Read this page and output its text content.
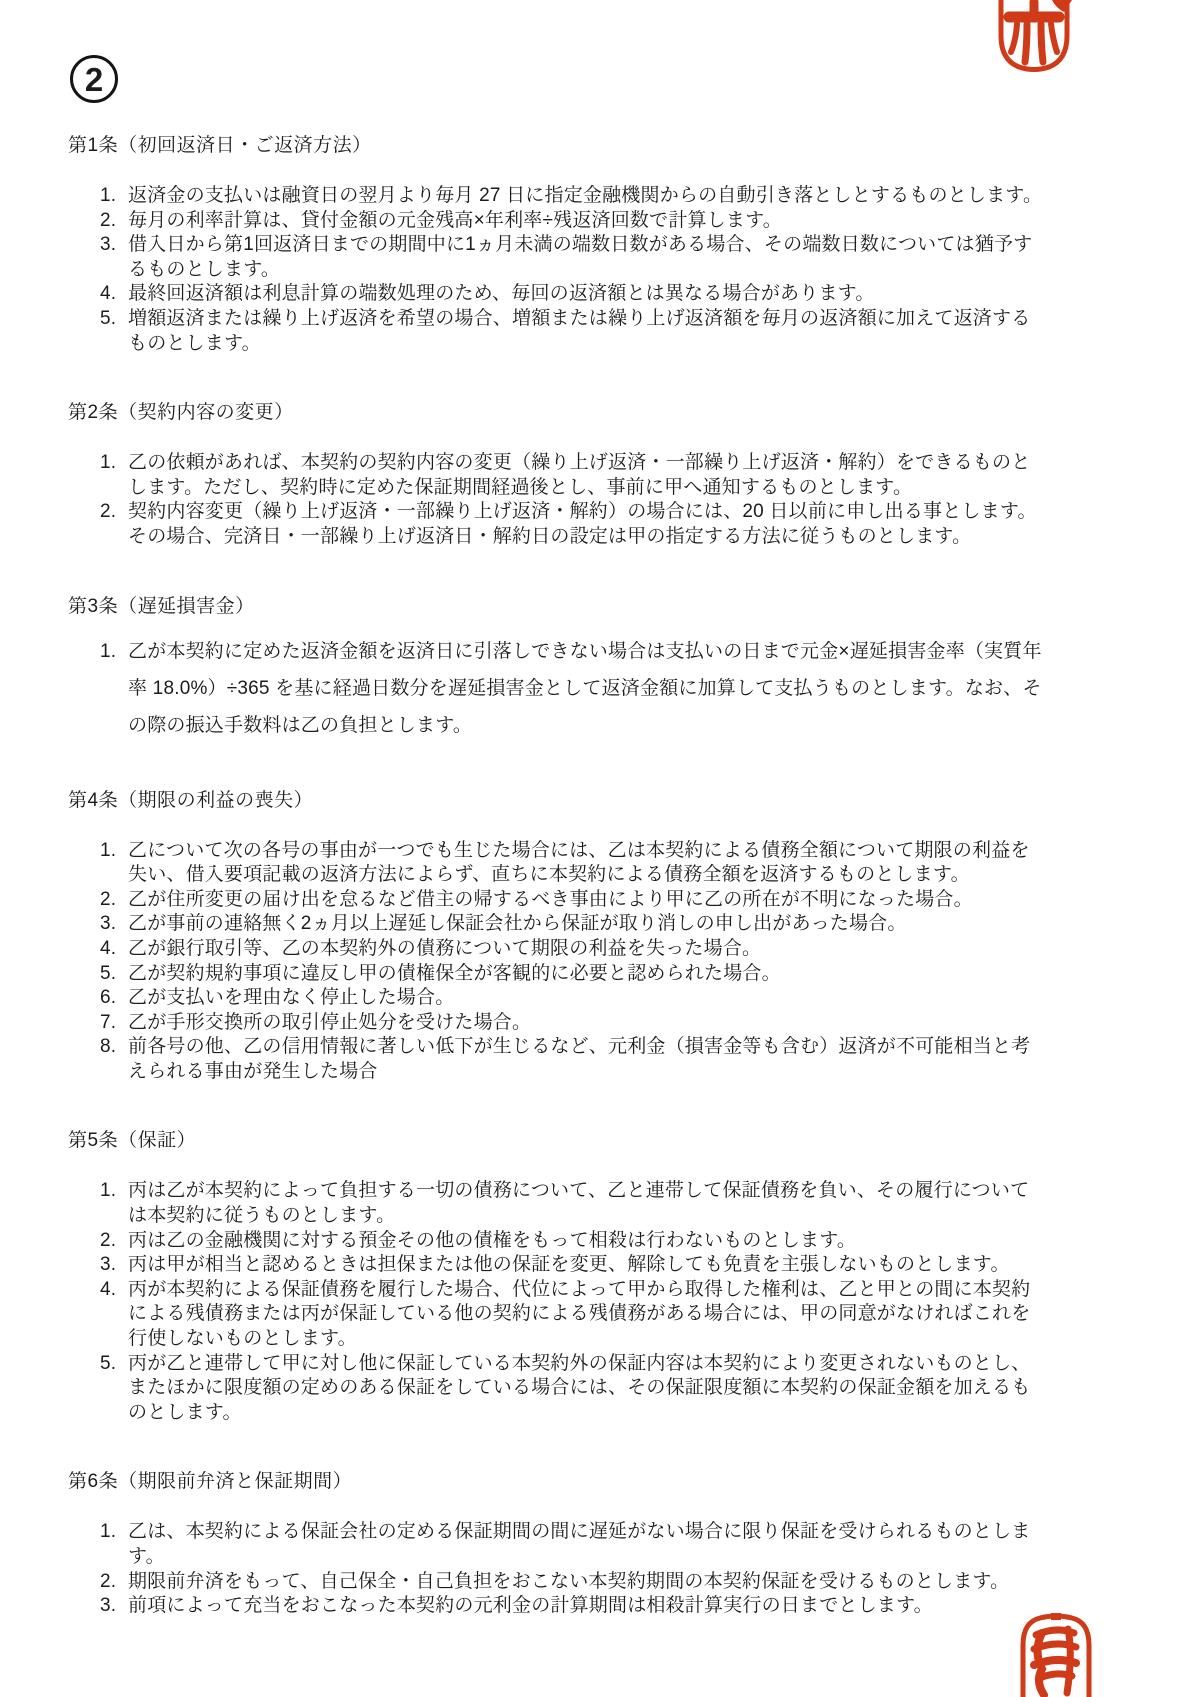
2
第1条（初回返済日・ご返済方法）
1. 返済金の支払いは融資日の翌月より毎月 27 日に指定金融機関からの自動引き落としとするものとします。
2. 毎月の利率計算は、貸付金額の元金残高×年利率÷残返済回数で計算します。
3. 借入日から第1回返済日までの期間中に1ヵ月未満の端数日数がある場合、その端数日数については猶予するものとします。
4. 最終回返済額は利息計算の端数処理のため、毎回の返済額とは異なる場合があります。
5. 増額返済または繰り上げ返済を希望の場合、増額または繰り上げ返済額を毎月の返済額に加えて返済するものとします。
第2条（契約内容の変更）
1. 乙の依頼があれば、本契約の契約内容の変更（繰り上げ返済・一部繰り上げ返済・解約）をできるものとします。ただし、契約時に定めた保証期間経過後とし、事前に甲へ通知するものとします。
2. 契約内容変更（繰り上げ返済・一部繰り上げ返済・解約）の場合には、20 日以前に申し出る事とします。その場合、完済日・一部繰り上げ返済日・解約日の設定は甲の指定する方法に従うものとします。
第3条（遅延損害金）
1. 乙が本契約に定めた返済金額を返済日に引落しできない場合は支払いの日まで元金×遅延損害金率（実質年率 18.0%）÷365 を基に経過日数分を遅延損害金として返済金額に加算して支払うものとします。なお、その際の振込手数料は乙の負担とします。
第4条（期限の利益の喪失）
1. 乙について次の各号の事由が一つでも生じた場合には、乙は本契約による債務全額について期限の利益を失い、借入要項記載の返済方法によらず、直ちに本契約による債務全額を返済するものとします。
2. 乙が住所変更の届け出を怠るなど借主の帰するべき事由により甲に乙の所在が不明になった場合。
3. 乙が事前の連絡無く2ヵ月以上遅延し保証会社から保証が取り消しの申し出があった場合。
4. 乙が銀行取引等、乙の本契約外の債務について期限の利益を失った場合。
5. 乙が契約規約事項に違反し甲の債権保全が客観的に必要と認められた場合。
6. 乙が支払いを理由なく停止した場合。
7. 乙が手形交換所の取引停止処分を受けた場合。
8. 前各号の他、乙の信用情報に著しい低下が生じるなど、元利金（損害金等も含む）返済が不可能相当と考えられる事由が発生した場合
第5条（保証）
1. 丙は乙が本契約によって負担する一切の債務について、乙と連帯して保証債務を負い、その履行については本契約に従うものとします。
2. 丙は乙の金融機関に対する預金その他の債権をもって相殺は行わないものとします。
3. 丙は甲が相当と認めるときは担保または他の保証を変更、解除しても免責を主張しないものとします。
4. 丙が本契約による保証債務を履行した場合、代位によって甲から取得した権利は、乙と甲との間に本契約による残債務または丙が保証している他の契約による残債務がある場合には、甲の同意がなければこれを行使しないものとします。
5. 丙が乙と連帯して甲に対し他に保証している本契約外の保証内容は本契約により変更されないものとし、またほかに限度額の定めのある保証をしている場合には、その保証限度額に本契約の保証金額を加えるものとします。
第6条（期限前弁済と保証期間）
1. 乙は、本契約による保証会社の定める保証期間の間に遅延がない場合に限り保証を受けられるものとします。
2. 期限前弁済をもって、自己保全・自己負担をおこない本契約期間の本契約保証を受けるものとします。
3. 前項によって充当をおこなった本契約の元利金の計算期間は相殺計算実行の日までとします。
